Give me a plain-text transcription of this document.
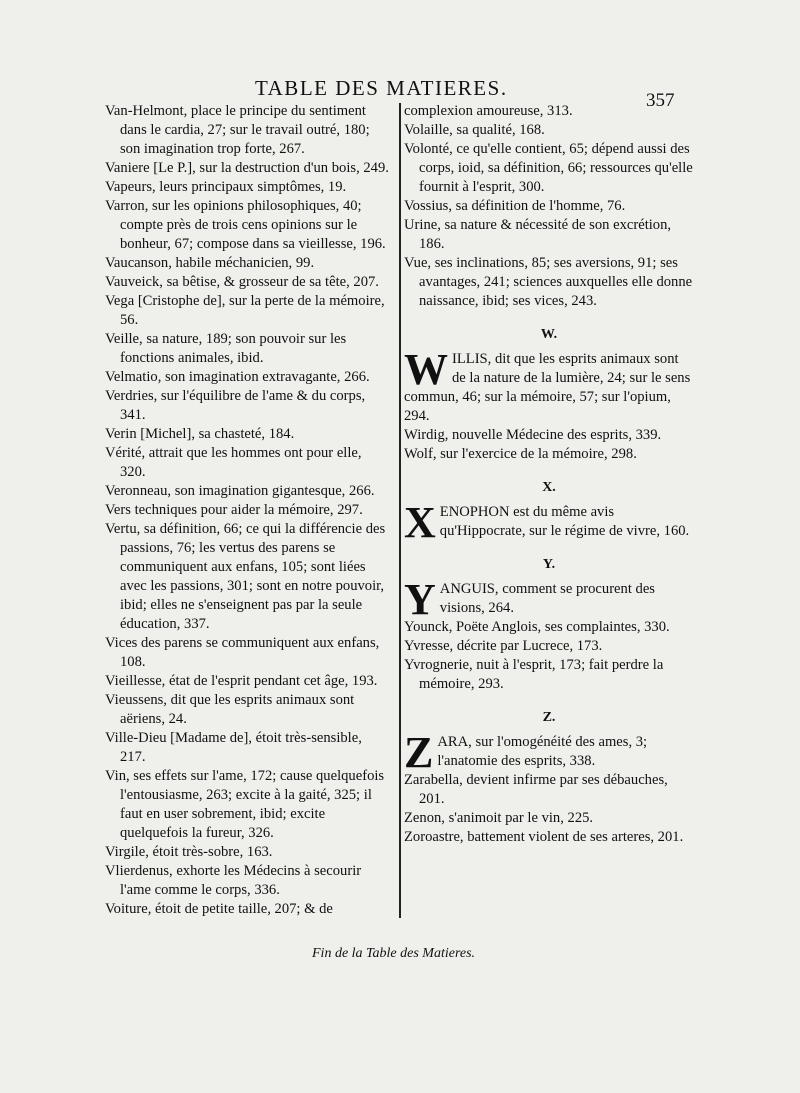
TABLE DES MATIERES.
357

Van-Helmont, place le principe du sentiment dans le cardia, 27; sur le travail outré, 180; son imagination trop forte, 267.

Vaniere [Le P.], sur la destruction d'un bois, 249.

Vapeurs, leurs principaux simptômes, 19.

Varron, sur les opinions philosophiques, 40; compte près de trois cens opinions sur le bonheur, 67; compose dans sa vieillesse, 196.

Vaucanson, habile méchanicien, 99.

Vauveick, sa bêtise, & grosseur de sa tête, 207.

Vega [Cristophe de], sur la perte de la mémoire, 56.

Veille, sa nature, 189; son pouvoir sur les fonctions animales, ibid.

Velmatio, son imagination extravagante, 266.

Verdries, sur l'équilibre de l'ame & du corps, 341.

Verin [Michel], sa chasteté, 184.

Vérité, attrait que les hommes ont pour elle, 320.

Veronneau, son imagination gigantesque, 266.

Vers techniques pour aider la mémoire, 297.

Vertu, sa définition, 66; ce qui la différencie des passions, 76; les vertus des parens se communiquent aux enfans, 105; sont liées avec les passions, 301; sont en notre pouvoir, ibid; elles ne s'enseignent pas par la seule éducation, 337.

Vices des parens se communiquent aux enfans, 108.

Vieillesse, état de l'esprit pendant cet âge, 193.

Vieussens, dit que les esprits animaux sont aëriens, 24.

Ville-Dieu [Madame de], étoit très-sensible, 217.

Vin, ses effets sur l'ame, 172; cause quelquefois l'entousiasme, 263; excite à la gaité, 325; il faut en user sobrement, ibid; excite quelquefois la fureur, 326.

Virgile, étoit très-sobre, 163.

Vlierdenus, exhorte les Médecins à secourir l'ame comme le corps, 336.

Voiture, étoit de petite taille, 207; & de

complexion amoureuse, 313.

Volaille, sa qualité, 168.

Volonté, ce qu'elle contient, 65; dépend aussi des corps, ioid, sa définition, 66; ressources qu'elle fournit à l'esprit, 300.

Vossius, sa définition de l'homme, 76.

Urine, sa nature & nécessité de son excrétion, 186.

Vue, ses inclinations, 85; ses aversions, 91; ses avantages, 241; sciences auxquelles elle donne naissance, ibid; ses vices, 243.

W.

WILLIS, dit que les esprits animaux sont de la nature de la lumière, 24; sur le sens commun, 46; sur la mémoire, 57; sur l'opium, 294.

Wirdig, nouvelle Médecine des esprits, 339.

Wolf, sur l'exercice de la mémoire, 298.

X.

XENOPHON est du même avis qu'Hippocrate, sur le régime de vivre, 160.

Y.

YANGUIS, comment se procurent des visions, 264.

Younck, Poëte Anglois, ses complaintes, 330.

Yvresse, décrite par Lucrece, 173.

Yvrognerie, nuit à l'esprit, 173; fait perdre la mémoire, 293.

Z.

ZARA, sur l'omogénéité des ames, 3; l'anatomie des esprits, 338.

Zarabella, devient infirme par ses débauches, 201.

Zenon, s'animoit par le vin, 225.

Zoroastre, battement violent de ses arteres, 201.

Fin de la Table des Matieres.
